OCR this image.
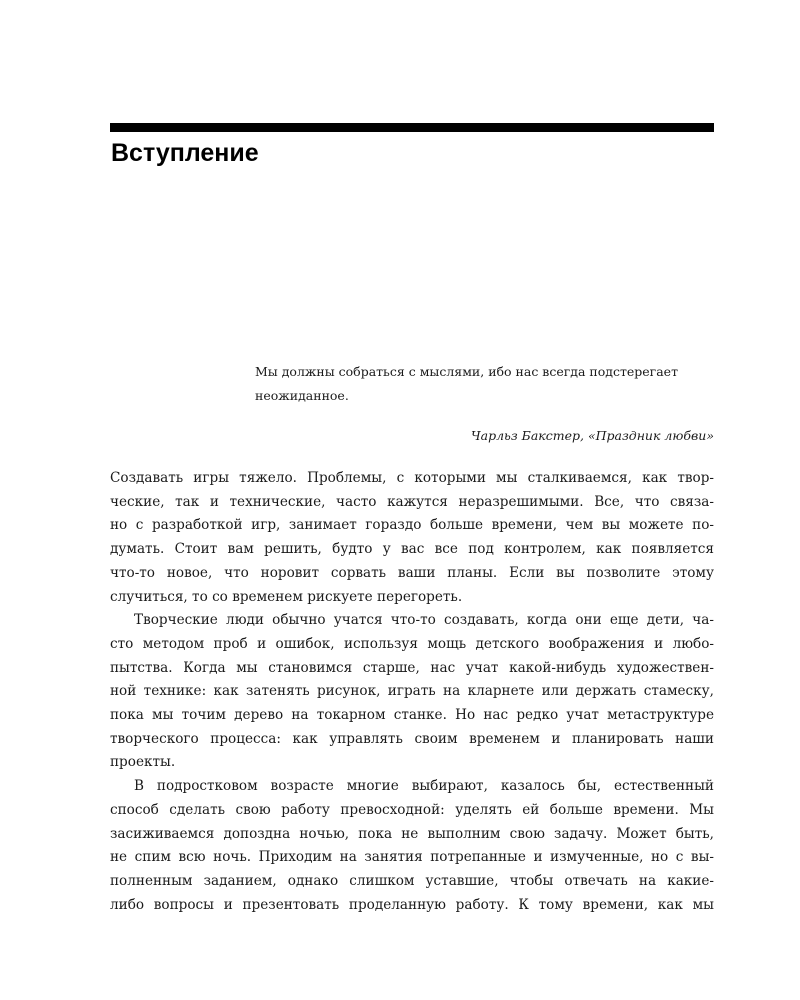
Вступление
Мы должны собраться с мыслями, ибо нас всегда подстерегает
неожиданное.
Чарльз Бакстер, «Праздник любви»
Создавать игры тяжело. Проблемы, с которыми мы сталкиваемся, как твор-
ческие, так и технические, часто кажутся неразрешимыми. Все, что связа-
но с разработкой игр, занимает гораздо больше времени, чем вы можете по-
думать. Стоит вам решить, будто у вас все под контролем, как появляется
что-то новое, что норовит сорвать ваши планы. Если вы позволите этому
случиться, то со временем рискуете перегореть.
Творческие люди обычно учатся что-то создавать, когда они еще дети, ча-
сто методом проб и ошибок, используя мощь детского воображения и любо-
пытства. Когда мы становимся старше, нас учат какой-нибудь художествен-
ной технике: как затенять рисунок, играть на кларнете или держать стамеску,
пока мы точим дерево на токарном станке. Но нас редко учат метаструктуре
творческого процесса: как управлять своим временем и планировать наши
проекты.
В подростковом возрасте многие выбирают, казалось бы, естественный
способ сделать свою работу превосходной: уделять ей больше времени. Мы
засиживаемся допоздна ночью, пока не выполним свою задачу. Может быть,
не спим всю ночь. Приходим на занятия потрепанные и измученные, но с вы-
полненным заданием, однако слишком уставшие, чтобы отвечать на какие-
либо вопросы и презентовать проделанную работу. К тому времени, как мы
